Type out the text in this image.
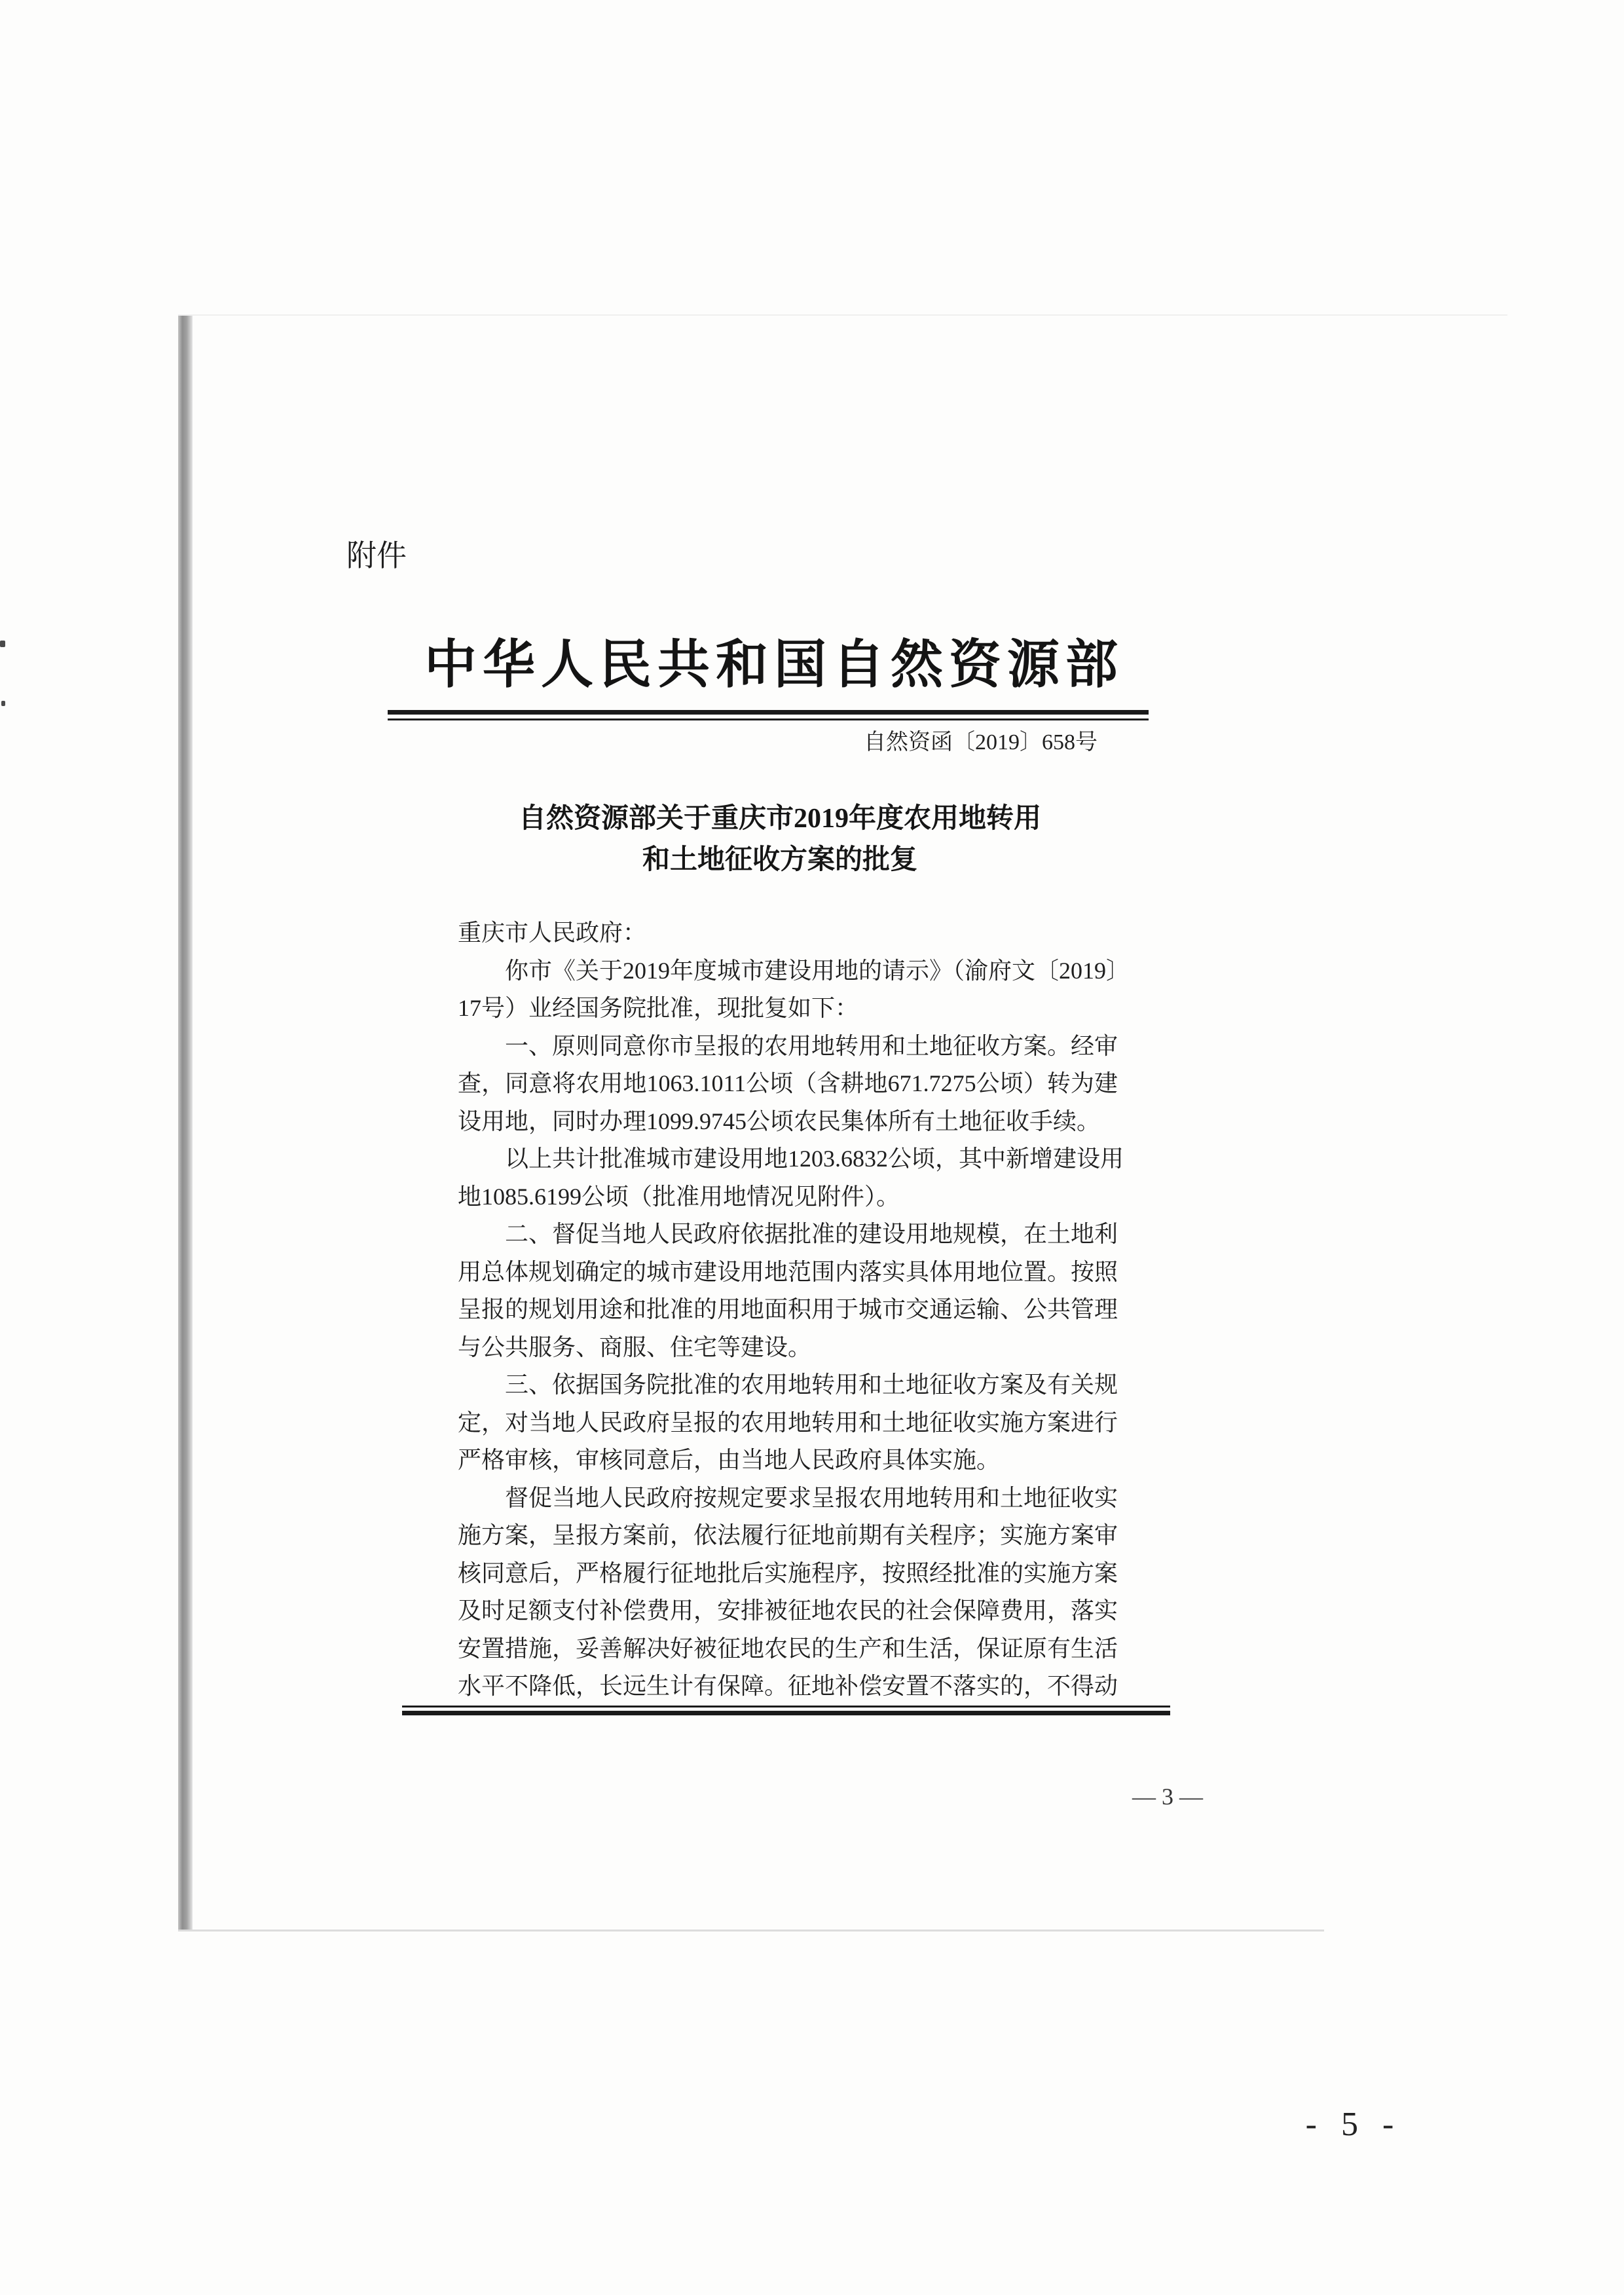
附件
中华人民共和国自然资源部
自然资函〔2019〕658号
自然资源部关于重庆市2019年度农用地转用
和土地征收方案的批复
重庆市人民政府：
你市《关于2019年度城市建设用地的请示》（渝府文〔2019〕
17号）业经国务院批准，现批复如下：
一、原则同意你市呈报的农用地转用和土地征收方案。经审
查，同意将农用地1063.1011公顷（含耕地671.7275公顷）转为建
设用地，同时办理1099.9745公顷农民集体所有土地征收手续。
以上共计批准城市建设用地1203.6832公顷，其中新增建设用
地1085.6199公顷（批准用地情况见附件）。
二、督促当地人民政府依据批准的建设用地规模，在土地利
用总体规划确定的城市建设用地范围内落实具体用地位置。按照
呈报的规划用途和批准的用地面积用于城市交通运输、公共管理
与公共服务、商服、住宅等建设。
三、依据国务院批准的农用地转用和土地征收方案及有关规
定，对当地人民政府呈报的农用地转用和土地征收实施方案进行
严格审核，审核同意后，由当地人民政府具体实施。
督促当地人民政府按规定要求呈报农用地转用和土地征收实
施方案，呈报方案前，依法履行征地前期有关程序；实施方案审
核同意后，严格履行征地批后实施程序，按照经批准的实施方案
及时足额支付补偿费用，安排被征地农民的社会保障费用，落实
安置措施，妥善解决好被征地农民的生产和生活，保证原有生活
水平不降低，长远生计有保障。征地补偿安置不落实的，不得动
— 3 —
- 5 -
